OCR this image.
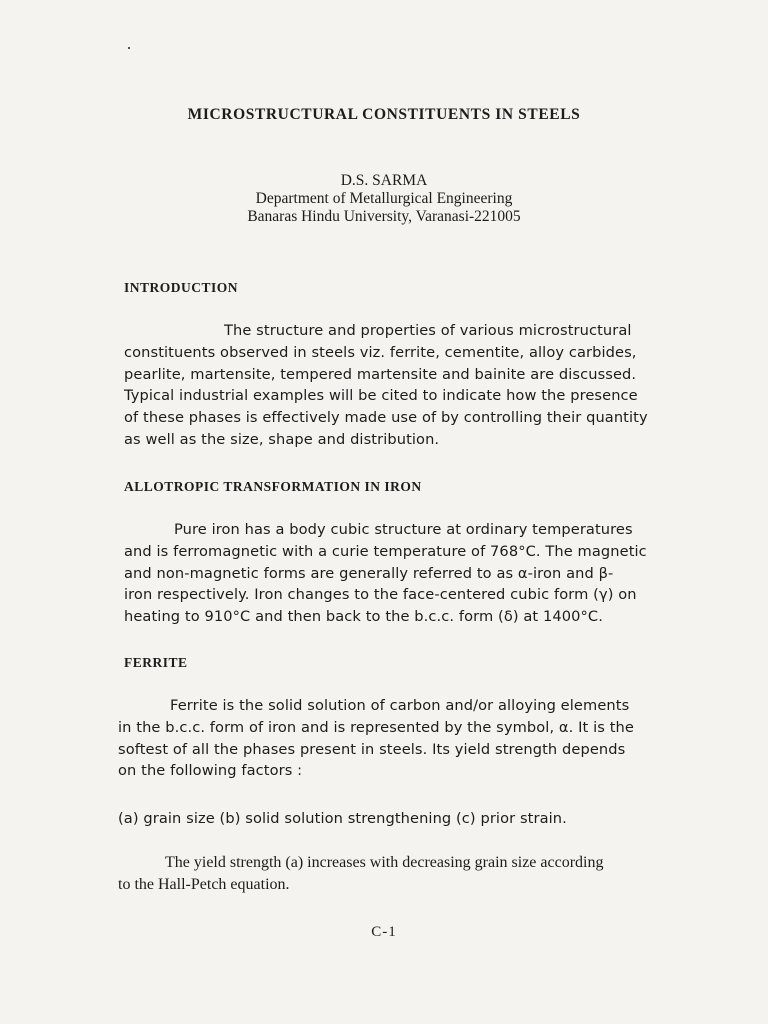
MICROSTRUCTURAL CONSTITUENTS IN STEELS
D.S. SARMA
Department of Metallurgical Engineering
Banaras Hindu University, Varanasi-221005
INTRODUCTION
The structure and properties of various microstructural
constituents observed in steels viz. ferrite, cementite, alloy carbides,
pearlite, martensite, tempered martensite and bainite are discussed.
Typical industrial examples will be cited to indicate how the presence
of these phases is effectively made use of by controlling their quantity
as well as the size, shape and distribution.
ALLOTROPIC TRANSFORMATION IN IRON
Pure iron has a body cubic structure at ordinary temperatures
and is ferromagnetic with a curie temperature of 768°C. The magnetic
and non-magnetic forms are generally referred to as α-iron and β-
iron respectively. Iron changes to the face-centered cubic form (γ) on
heating to 910°C and then back to the b.c.c. form (δ) at 1400°C.
FERRITE
Ferrite is the solid solution of carbon and/or alloying elements
in the b.c.c. form of iron and is represented by the symbol, α. It is the
softest of all the phases present in steels. Its yield strength depends
on the following factors :
(a) grain size (b) solid solution strengthening (c) prior strain.
The yield strength (a) increases with decreasing grain size according
to the Hall-Petch equation.
C-1
